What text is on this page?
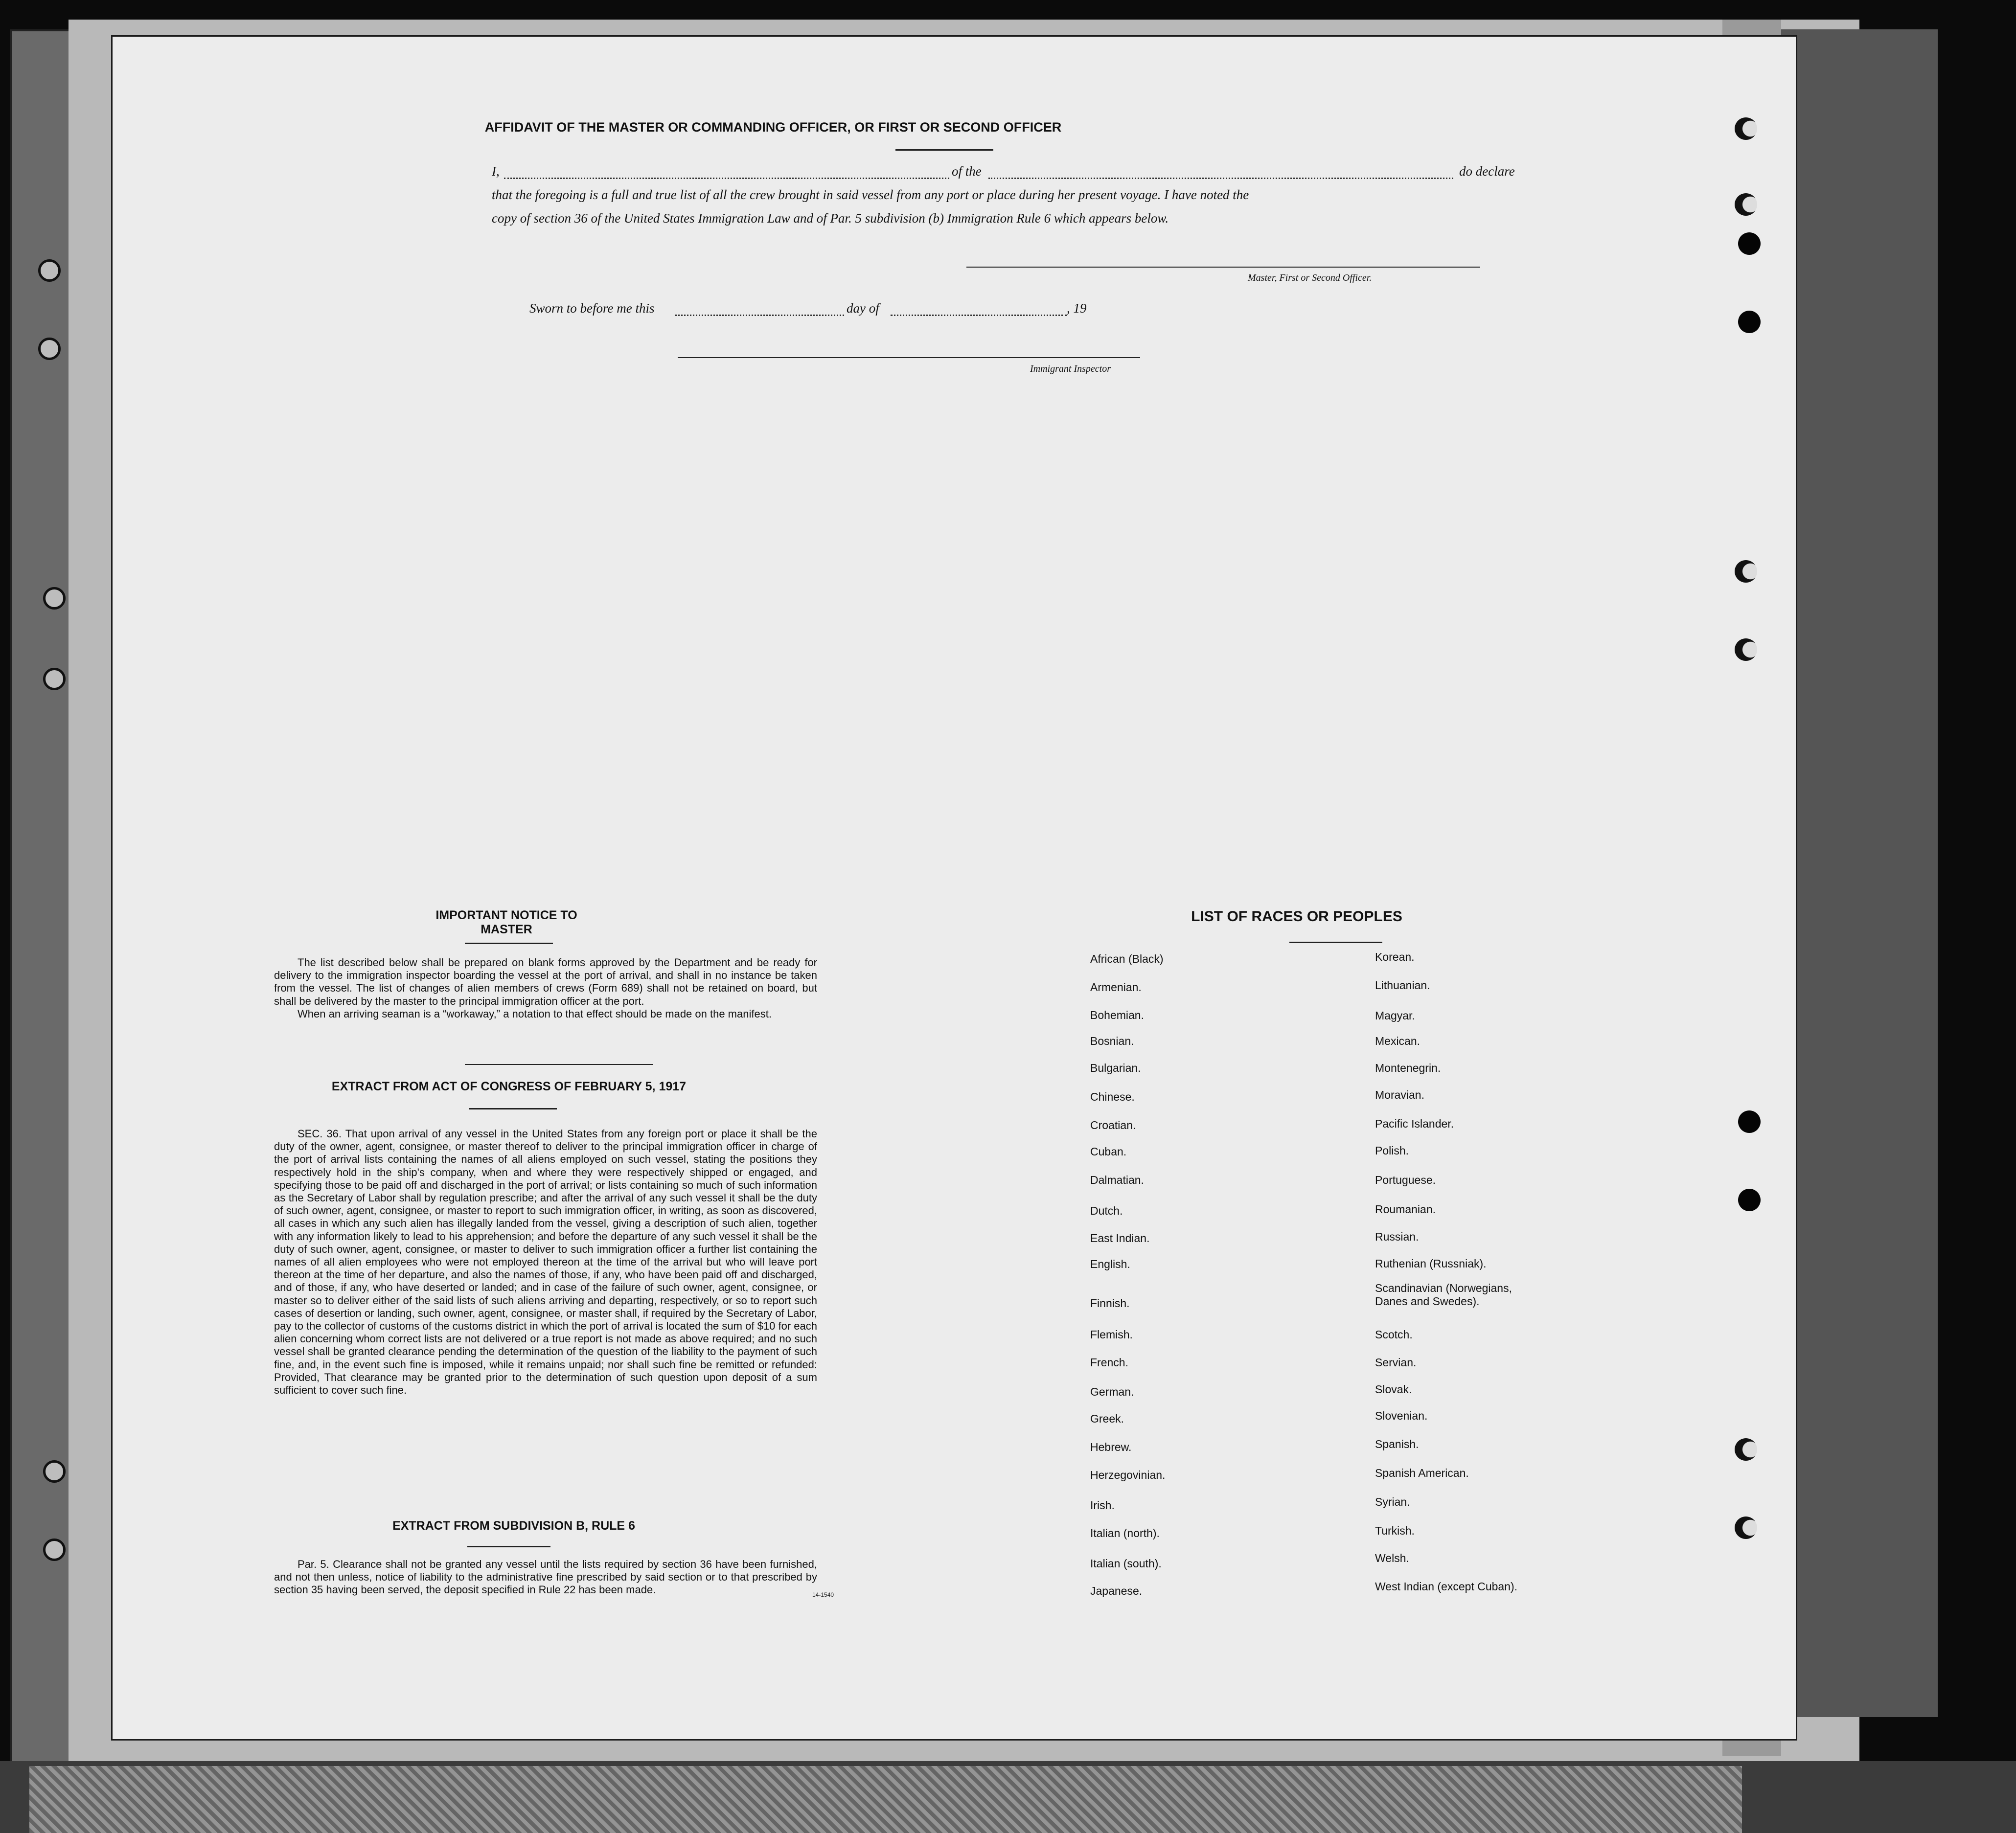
AFFIDAVIT OF THE MASTER OR COMMANDING OFFICER, OR FIRST OR SECOND OFFICER
I,	of the	do declare
that the foregoing is a full and true list of all the crew brought in said vessel from any port or place during her present voyage. I have noted the
copy of section 36 of the United States Immigration Law and of Par. 5 subdivision (b) Immigration Rule 6 which appears below.
Master, First or Second Officer.
Sworn to before me this	day of	, 19
Immigrant Inspector
IMPORTANT NOTICE TO MASTER

The list described below shall be prepared on blank forms approved by the Department and be ready for delivery to the immigration inspector boarding the vessel at the port of arrival, and shall in no instance be taken from the vessel. The list of changes of alien members of crews (Form 689) shall not be retained on board, but shall be delivered by the master to the principal immigration officer at the port.

When an arriving seaman is a “workaway,” a notation to that effect should be made on the manifest.

EXTRACT FROM ACT OF CONGRESS OF FEBRUARY 5, 1917

SEC. 36. That upon arrival of any vessel in the United States from any foreign port or place it shall be the duty of the owner, agent, consignee, or master thereof to deliver to the principal immigration officer in charge of the port of arrival lists containing the names of all aliens employed on such vessel, stating the positions they respectively hold in the ship's company, when and where they were respectively shipped or engaged, and specifying those to be paid off and discharged in the port of arrival; or lists containing so much of such information as the Secretary of Labor shall by regulation prescribe; and after the arrival of any such vessel it shall be the duty of such owner, agent, consignee, or master to report to such immigration officer, in writing, as soon as discovered, all cases in which any such alien has illegally landed from the vessel, giving a description of such alien, together with any information likely to lead to his apprehension; and before the departure of any such vessel it shall be the duty of such owner, agent, consignee, or master to deliver to such immigration officer a further list containing the names of all alien employees who were not employed thereon at the time of the arrival but who will leave port thereon at the time of her departure, and also the names of those, if any, who have been paid off and discharged, and of those, if any, who have deserted or landed; and in case of the failure of such owner, agent, consignee, or master so to deliver either of the said lists of such aliens arriving and departing, respectively, or so to report such cases of desertion or landing, such owner, agent, consignee, or master shall, if required by the Secretary of Labor, pay to the collector of customs of the customs district in which the port of arrival is located the sum of $10 for each alien concerning whom correct lists are not delivered or a true report is not made as above required; and no such vessel shall be granted clearance pending the determination of the question of the liability to the payment of such fine, and, in the event such fine is imposed, while it remains unpaid; nor shall such fine be remitted or refunded: Provided, That clearance may be granted prior to the determination of such question upon deposit of a sum sufficient to cover such fine.

EXTRACT FROM SUBDIVISION B, RULE 6

Par. 5. Clearance shall not be granted any vessel until the lists required by section 36 have been furnished, and not then unless, notice of liability to the administrative fine prescribed by said section or to that prescribed by section 35 having been served, the deposit specified in Rule 22 has been made.	14-1540
LIST OF RACES OR PEOPLES
African (Black)
Armenian.
Bohemian.
Bosnian.
Bulgarian.
Chinese.
Croatian.
Cuban.
Dalmatian.
Dutch.
East Indian.
English.
Finnish.
Flemish.
French.
German.
Greek.
Hebrew.
Herzegovinian.
Irish.
Italian (north).
Italian (south).
Japanese.
Korean.
Lithuanian.
Magyar.
Mexican.
Montenegrin.
Moravian.
Pacific Islander.
Polish.
Portuguese.
Roumanian.
Russian.
Ruthenian (Russniak).
Scandinavian (Norwegians,
Danes and Swedes).
Scotch.
Servian.
Slovak.
Slovenian.
Spanish.
Spanish American.
Syrian.
Turkish.
Welsh.
West Indian (except Cuban).
